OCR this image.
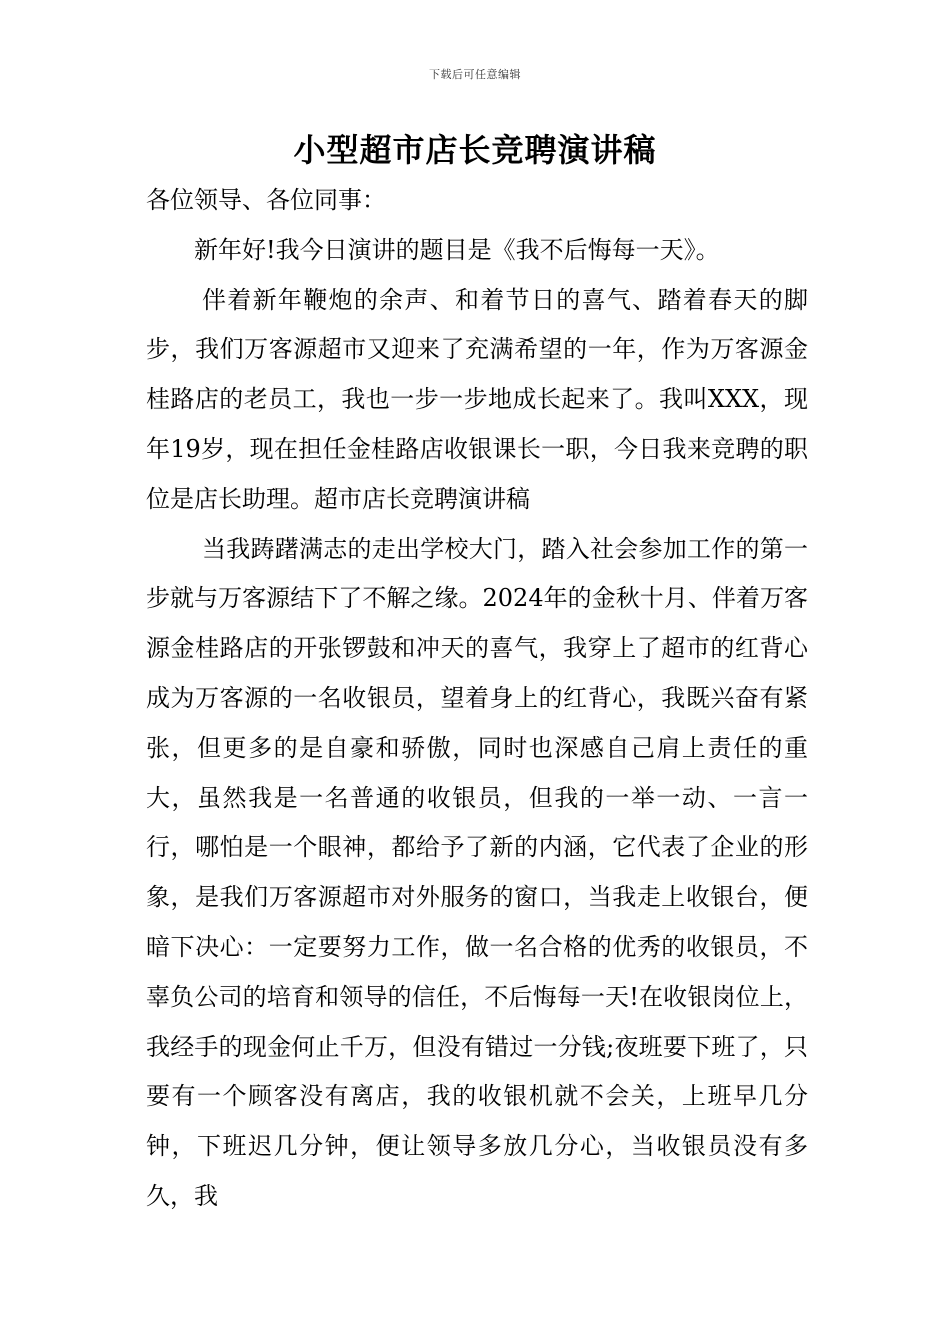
下载后可任意编辑
小型超市店长竞聘演讲稿

各位领导、各位同事：

新年好!我今日演讲的题目是《我不后悔每一天》。

伴着新年鞭炮的余声、和着节日的喜气、踏着春天的脚步，我们万客源超市又迎来了充满希望的一年，作为万客源金桂路店的老员工，我也一步一步地成长起来了。我叫XXX，现年19岁，现在担任金桂路店收银课长一职，今日我来竞聘的职位是店长助理。超市店长竞聘演讲稿

当我踌躇满志的走出学校大门，踏入社会参加工作的第一步就与万客源结下了不解之缘。2024年的金秋十月、伴着万客源金桂路店的开张锣鼓和冲天的喜气，我穿上了超市的红背心成为万客源的一名收银员，望着身上的红背心，我既兴奋有紧张，但更多的是自豪和骄傲，同时也深感自己肩上责任的重大，虽然我是一名普通的收银员，但我的一举一动、一言一行，哪怕是一个眼神，都给予了新的内涵，它代表了企业的形象，是我们万客源超市对外服务的窗口，当我走上收银台，便暗下决心：一定要努力工作，做一名合格的优秀的收银员，不辜负公司的培育和领导的信任，不后悔每一天!在收银岗位上，我经手的现金何止千万，但没有错过一分钱;夜班要下班了，只要有一个顾客没有离店，我的收银机就不会关，上班早几分钟，下班迟几分钟，便让领导多放几分心，当收银员没有多久，我
